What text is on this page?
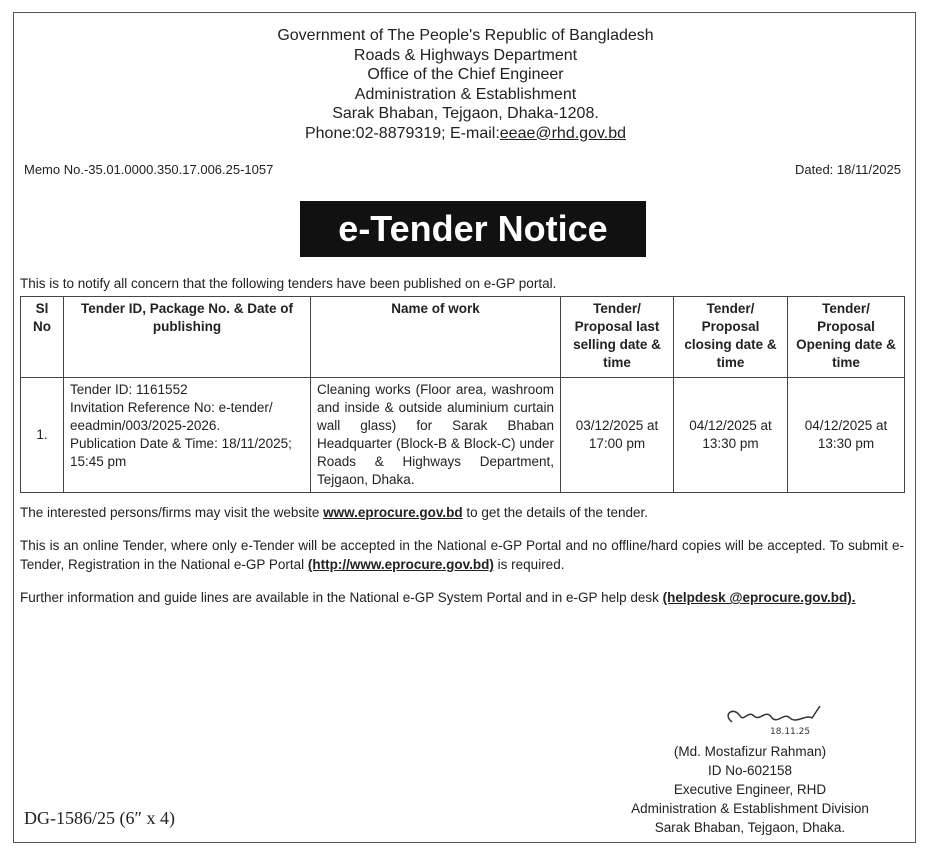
Government of The People's Republic of Bangladesh
Roads & Highways Department
Office of the Chief Engineer
Administration & Establishment
Sarak Bhaban, Tejgaon, Dhaka-1208.
Phone:02-8879319; E-mail:eeae@rhd.gov.bd
Memo No.-35.01.0000.350.17.006.25-1057	Dated: 18/11/2025
e-Tender Notice
This is to notify all concern that the following tenders have been published on e-GP portal.
Sl No	Tender ID, Package No. & Date of publishing	Name of work	Tender/ Proposal last selling date & time	Tender/ Proposal closing date & time	Tender/ Proposal Opening date & time
1.	Tender ID: 1161552
Invitation Reference No: e-tender/ eeadmin/003/2025-2026.
Publication Date & Time: 18/11/2025; 15:45 pm	Cleaning works (Floor area, washroom and inside & outside aluminium curtain wall glass) for Sarak Bhaban Headquarter (Block-B & Block-C) under Roads & Highways Department, Tejgaon, Dhaka.	03/12/2025 at 17:00 pm	04/12/2025 at 13:30 pm	04/12/2025 at 13:30 pm
The interested persons/firms may visit the website www.eprocure.gov.bd to get the details of the tender.
This is an online Tender, where only e-Tender will be accepted in the National e-GP Portal and no offline/hard copies will be accepted. To submit e-Tender, Registration in the National e-GP Portal (http://www.eprocure.gov.bd) is required.
Further information and guide lines are available in the National e-GP System Portal and in e-GP help desk (helpdesk @eprocure.gov.bd).
18.11.25
(Md. Mostafizur Rahman)
ID No-602158
Executive Engineer, RHD
Administration & Establishment Division
Sarak Bhaban, Tejgaon, Dhaka.
DG-1586/25 (6″ x 4)
